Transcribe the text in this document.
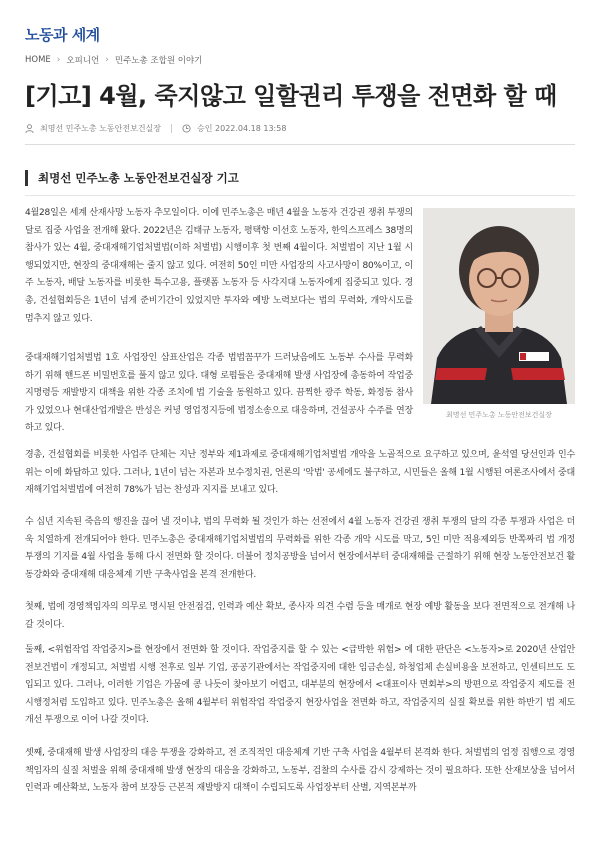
노동과 세계
HOME › 오피니언 › 민주노총 조합원 이야기
[기고] 4월, 죽지않고 일할권리 투쟁을 전면화 할 때
최명선 민주노총 노동안전보건실장	승인 2022.04.18 13:58
최명선 민주노총 노동안전보건실장 기고
최명선 민주노총 노동안전보건실장

4월28일은 세계 산재사망 노동자 추모일이다. 이에 민주노총은 매년 4월을 노동자 건강권 쟁취 투쟁의 달로 집중 사업을 전개해 왔다. 2022년은 김태규 노동자, 평택항 이선호 노동자, 한익스프레스 38명의 참사가 있는 4월, 중대재해기업처벌법(이하 처벌법) 시행이후 첫 번째 4월이다. 처벌법이 지난 1월 시행되었지만, 현장의 중대재해는 줄지 않고 있다. 여전히 50인 미만 사업장의 사고사망이 80%이고, 이주 노동자, 배달 노동자를 비롯한 특수고용, 플랫폼 노동자 등 사각지대 노동자에게 집중되고 있다. 경총, 건설협회등은 1년이 넘게 준비기간이 있었지만 투자와 예방 노력보다는 법의 무력화, 개악시도를 멈추지 않고 있다.

중대재해기업처벌법 1호 사업장인 삼표산업은 각종 법법꼼꾸가 드러났음에도 노동부 수사를 무력화 하기 위해 핸드폰 비밀번호를 풀지 않고 있다. 대형 로펌들은 중대재해 발생 사업장에 총동하여 작업중지명령등 재발방지 대책을 위한 각종 조치에 법 기술을 동원하고 있다. 끔찍한 광주 학동, 화정동 참사가 있었으나 현대산업개발은 반성은 커녕 영업정지등에 법정소송으로 대응하며, 건설공사 수주를 연장하고 있다.

경총, 건설협회를 비롯한 사업주 단체는 지난 정부와 제1과제로 중대재해기업처벌법 개악을 노골적으로 요구하고 있으며, 윤석열 당선인과 인수위는 이에 화답하고 있다. 그러나, 1년이 넘는 자본과 보수정치권, 언론의 '악법' 공세에도 불구하고, 시민들은 올해 1월 시행된 여론조사에서 중대재해기업처벌법에 여전히 78%가 넘는 찬성과 지지를 보내고 있다.

수 십년 지속된 죽음의 행진을 끊어 낼 것이냐, 법의 무력화 될 것인가 하는 선전에서 4월 노동자 건강권 쟁취 투쟁의 달의 각종 투쟁과 사업은 더욱 치열하게 전개되어야 한다. 민주노총은 중대재해기업처벌법의 무력화를 위한 각종 개악 시도를 막고, 5인 미만 적용제외등 반쪽짜리 법 개정 투쟁의 기지를 4월 사업을 통해 다시 전면화 할 것이다. 더불어 정치공방을 넘어서 현장에서부터 중대재해를 근절하기 위해 현장 노동안전보건 활동강화와 중대재해 대응체계 기반 구축사업을 본격 전개한다.

첫째, 법에 경영책임자의 의무로 명시된 안전점검, 인력과 예산 확보, 종사자 의견 수렴 등을 매개로 현장 예방 활동을 보다 전면적으로 전개해 나갈 것이다.

둘째, <위험작업 작업중지>를 현장에서 전면화 할 것이다. 작업중지를 할 수 있는 <급박한 위험> 에 대한 판단은 <노동자>로 2020년 산업안전보건법이 개정되고, 처벌법 시행 전후로 일부 기업, 공공기관에서는 작업중지에 대한 임금손실, 하청업체 손실비용을 보전하고, 인센티브도 도입되고 있다. 그러나, 이러한 기업은 가뭄에 콩 나듯이 찾아보기 어렵고, 대부분의 현장에서 <대표이사 면회부>의 방편으로 작업중지 제도를 전시행정처럼 도입하고 있다. 민주노총은 올해 4월부터 위험작업 작업중지 현장사업을 전면화 하고, 작업중지의 실질 확보를 위한 하반기 법 제도 개선 투쟁으로 이어 나갈 것이다.

셋째, 중대재해 발생 사업장의 대응 투쟁을 강화하고, 전 조직적인 대응체계 기반 구축 사업을 4월부터 본격화 한다. 처벌법의 엄정 집행으로 경영책임자의 실질 처벌을 위해 중대재해 발생 현장의 대응을 강화하고, 노동부, 검찰의 수사를 감시 강제하는 것이 필요하다. 또한 산재보상을 넘어서 인력과 예산확보, 노동자 참여 보장등 근본적 재발방지 대책이 수립되도록 사업장부터 산별, 지역본부까
